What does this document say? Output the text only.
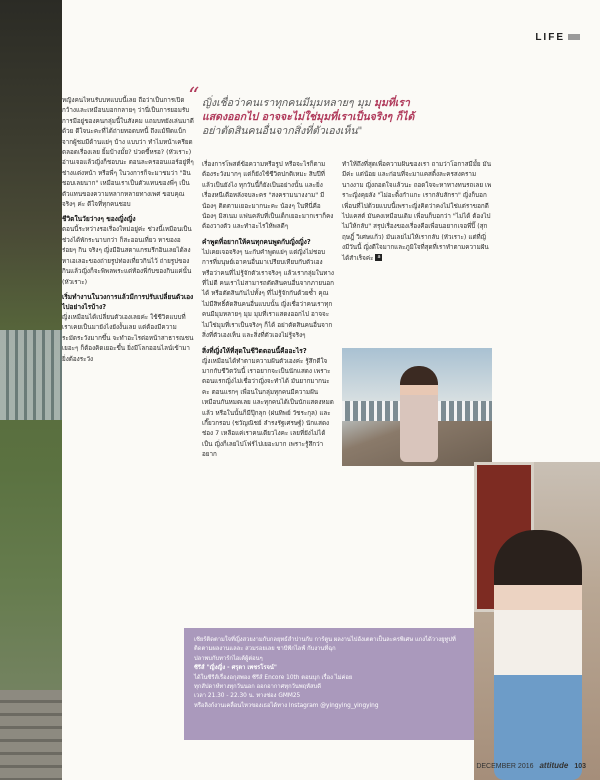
LIFE
“ ญิ่งเชื่อว่าคนเราทุกคนมีมุมหลายๆ มุม มุมที่เรา
แสดงออกไป อาจจะไม่ใช่มุมที่เราเป็นจริงๆ ก็ได้
อย่าตัดสินคนอื่นจากสิ่งที่ตัวเองเห็น"

หญิงคนไหนรับบทแบบนี้เลย ถือว่าเป็นการเปิดกว้างและเหมือนบอกกลายๆ ว่านี่เป็นการยอมรับการมีอยู่ของคนกลุ่มนี้ในสังคม แถมบทยังเล่นมาดีด้วย ดีใจนะคะที่ได้ถ่ายทอดบทนี้ ถึงแม้ฟีดแบ็กจากผู้ชมมีด้านแย่ๆ บ้าง แบบว่า ทำไมหน้าเครียดตลอดเรื่องเลย ยิ้มบ้างมั้ย? ปวดขี้หรอ? (หัวเราะ) อ่านเจอแล้วญิ่งก็ชอบนะ ตอนละครออนแอร์อยู่ที่ๆ ช่างแต่งหน้า หรือพี่ๆ ในวงการก็จะมาชมว่า "อินชอบเลยนาก" เหมือนเราเป็นตัวแทนของพี่ๆ เป็นตัวแทนของความหลากหลายทางเพศ ขอบคุณจริงๆ ค่ะ ดีใจที่ทุกคนชอบ

ชีวิตในวัยว่างๆ ของญิ่งญิ่ง

ตอนนี้ระหว่างรอเรื่องใหม่อยู่ค่ะ ช่วงนี้เหมือนเป็นช่วงได้พักระนาบกว่า ก็สะออนเที่ยว หาของอร่อยๆ กิน จริงๆ ญิ่งมีอินสตาแกรมรีกอินเลยได้ลงหาเอเลอะของถ่ายรูปท่องเที่ยวกินไว้ ถ่ายรูปของกินแล้วญิ่งก็จะพิพลพระแต่ท้องพี่กับของกินแค่นั้น (หัวเราะ)

เริ่มทำงานในวงการแล้วมีการปรับเปลี่ยนตัวเองไปอย่างไรบ้าง?

ญิ่งเหมือนได้เปลี่ยนตัวเองเลยค่ะ ใช้ชีวิตแบบที่เราเคยเป็นมายังไงยังงั้นเลย แต่ต้องมีความระมัดระวังมากขึ้น จะทำอะไรต่อหน้าสาธารณชนเยอะๆ ก็ต้องคิดเยอะขึ้น ยิ่งมีโลกออนไลน์เข้ามา ยิ่งต้องระวัง

เรื่องการโพสต์ข้อความหรือรูป หรือจะไรก็ตาม ต้องระวังมากๆ แต่ก็ยังใช้ชีวิตปกติเหมะ สิบปีที่แล้วเป็นยังไง ทุกวันนี้ก็ยังเป็นอย่างนั้น และยิ่งเรื่องหนีเตือหลังจบละคร "สงครามนางงาม" มีน้องๆ ติดตามเยอะมากนะคะ น้องๆ ในทีนี่คือน้องๆ มิสเนม แฟนคลับที่เป็นเด็กเยอะมากเราก็คงต้องวางตัว และทำอะไรให้พลดีๆ

คำพูดที่อยากให้คนทุกคนพูดกับญิ่งญิ่ง?

ไม่เคยเจอจริงๆ นะกับคำพูดแย่ๆ แต่ญิ่งไม่ชอบการที่มนุษย์เอาคนอื่นมาเปรียบเทียบกับตัวเอง หรือว่าคนที่ไม่รู้จักตัวเราจริงๆ แล้วเรากลุ่มในทางที่ไม่ดี คนเราไม่สามารถตัดสินคนอื่นจากภายนอกได้ หรือตัดสินกันไปทั้งๆ ที่ไม่รู้จักกันด้วยซ้ำ คุณไม่มีสิทธิ์ตัดสินคนอื่นแบบนั้น ญิ่งเชื่อว่าคนเราทุกคนมีมุมหลายๆ มุม มุมที่เราแสดงออกไป อาจจะไม่ใช่มุมที่เราเป็นจริงๆ ก็ได้ อย่าตัดสินคนอื่นจากสิ่งที่ตัวเองเห็น และสิ่งที่ตัวเองไม่รู้จริงๆ

สิ่งที่ญิ่งให้ที่สุดในชีวิตตอนนี้คืออะไร?

ญิ่งเหมือนได้ทำตามความฝันตัวเองค่ะ รู้สึกดีใจมากกับชีวิตวันนี้ เราอยากจะเป็นนักแสดง เพราะตอนแรกญิ่งไม่เชื่อว่าญิ่งจะทำได้ มันยากมากนะคะ ตอนแรกๆ เพื่อนในกลุ่มทุกคนมีความฝันเหมือนกันหมดเลย และทุกคนได้เป็นนักแสดงหมดแล้ว หรือในนั้นก็มีปุ๊กลุก (ฝนทิพย์ วัชระกุล) และเกี๊ยวกรอบ (ชวัญณิชย์ ลำรงรัฐเศรษฐ์) นักแสดงช่อง 7 เหลือแค่เราคนเดียวไงคะ เลยที่ยังไม่ได้เป็น ญิ่งก็เลยไปโฟร์ไปเยอะมาก เพราะรู้สึกว่าอยาก

ทำให้ถึงที่สุดเพื่อความฝันของเรา ถามว่าโอกาสมีมั้ย มันมีค่ะ แต่น้อย และก่อนที่จะมาแคสติ้งละครสงครามนางงาม ญิ่งถอดใจแล้วนะ ถอดใจจะหาทางทนรถเลย เพราะญิ่งคุยลัง "ไม่อะติ้งกำแกะ เรากลับสักรา" ญิ่งก็บอกเพื่อนที่ไปด้วยแบบนี้เพราะญิ่งคิดว่าคงไม่ใช่แต่ราขอกดีไปแคสต์ มันคงเหมือนเดิม เพื่อนก็บอกว่า "ไม่ได้ ต้องไปไม่ให้กลับ" สรุปเรื่องของเรื่องคือเพื่อนอยากเจอพี่ปิ๊ (สุกฤษฎิ์ วิเศษแก้ว) มันเลยไม่ให้เรากลับ (หัวเราะ) แต่ที่ญิ่งมีวันนี้ ญิ่งดีใจมากและภูมิใจที่สุดที่เราทำตามความฝันได้สำเร็จค่ะ a

เชียร์ติดตามใจที่ญิ่งสวยงามกับกลยุทธ์สำปานกับ การ์ตูน ผลงานไปอังเตตาเป็นละครพิเศษ แกงได้วางยูทูปที่ติดตามผลงานแลละ สวมรอยเลย ชาบีพีกไลฟ์ กับงานที่ฉุก

ปลาพบกับทาร์กไอเต้ผู้ต่อนๆ

ซีรีส์ "ญิ่งญิ่ง - ศรุตา เพชรโรจน์"

ได้ในซีรีส์เรื่องอกุสพอง ซีรีส์ Encore 10th ตอนบุก เรื่อง ไม่ค่อย

ทุกสัปดาห์ทางทุกวันนอก ออกอากาศทุกวันพฤหัสบดี

เวลา 21.30 - 22.30 น. ทางช่อง GMM25

หรือลิงก์งานเคลื่อนไหวของเธอได้ทาง Instagram @yingying_yingying

DECEMBER 2016 attitude 103
